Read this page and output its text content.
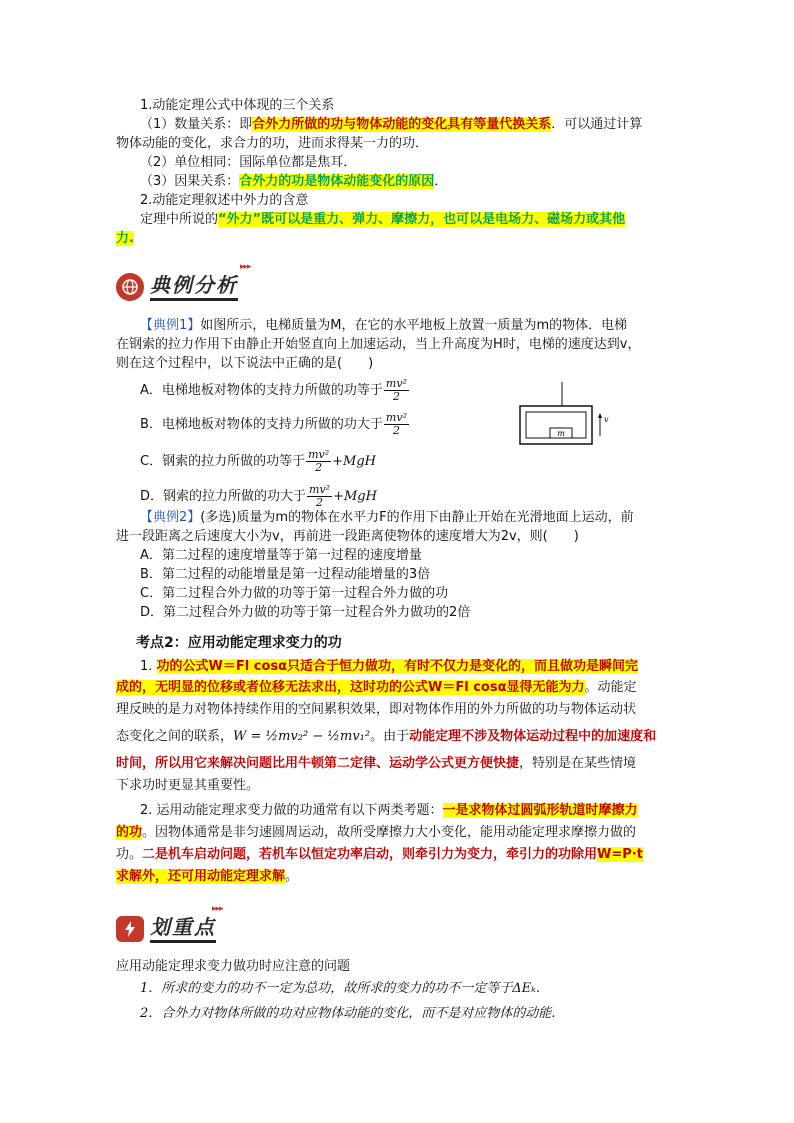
1.动能定理公式中体现的三个关系
（1）数量关系：即合外力所做的功与物体动能的变化具有等量代换关系．可以通过计算
物体动能的变化，求合力的功，进而求得某一力的功．
（2）单位相同：国际单位都是焦耳．
（3）因果关系：合外力的功是物体动能变化的原因．
2.动能定理叙述中外力的含意
定理中所说的“外力”既可以是重力、弹力、摩擦力，也可以是电场力、磁场力或其他
力.
▸▸▸
典例分析
【典例1】如图所示，电梯质量为M，在它的水平地板上放置一质量为m的物体．电梯
在钢索的拉力作用下由静止开始竖直向上加速运动，当上升高度为H时，电梯的速度达到v，
则在这个过程中，以下说法中正确的是(　　)
A．电梯地板对物体的支持力所做的功等于 $\frac{\text{mv²}}{2}$
B．电梯地板对物体的支持力所做的功大于 $\frac{\text{mv²}}{2}$
C．钢索的拉力所做的功等于 $\frac{\text{mv²}}{2} +MgH$
D．钢索的拉力所做的功大于 $\frac{\text{mv²}}{2} +MgH$
m
v
【典例2】(多选)质量为m的物体在水平力F的作用下由静止开始在光滑地面上运动，前
进一段距离之后速度大小为v，再前进一段距离使物体的速度增大为2v，则(　　)
A．第二过程的速度增量等于第一过程的速度增量
B．第二过程的动能增量是第一过程动能增量的3倍
C．第二过程合外力做的功等于第一过程合外力做的功
D．第二过程合外力做的功等于第一过程合外力做功的2倍
考点2：应用动能定理求变力的功
1. 功的公式W＝Fl cosα只适合于恒力做功，有时不仅力是变化的，而且做功是瞬间完
成的，无明显的位移或者位移无法求出，这时功的公式W＝Fl cosα显得无能为力。动能定
理反映的是力对物体持续作用的空间累积效果，即对物体作用的外力所做的功与物体运动状
态变化之间的联系，W = ½mv₂² − ½mv₁²。由于动能定理不涉及物体运动过程中的加速度和
时间，所以用它来解决问题比用牛顿第二定律、运动学公式更方便快捷，特别是在某些情境
下求功时更显其重要性。
2. 运用动能定理求变力做的功通常有以下两类考题：一是求物体过圆弧形轨道时摩擦力
的功。因物体通常是非匀速圆周运动，故所受摩擦力大小变化，能用动能定理求摩擦力做的
功。二是机车启动问题，若机车以恒定功率启动，则牵引力为变力，牵引力的功除用W=P·t
求解外，还可用动能定理求解。
▸▸▸
划重点
应用动能定理求变力做功时应注意的问题
1．所求的变力的功不一定为总功，故所求的变力的功不一定等于ΔEₖ.
2．合外力对物体所做的功对应物体动能的变化，而不是对应物体的动能.
